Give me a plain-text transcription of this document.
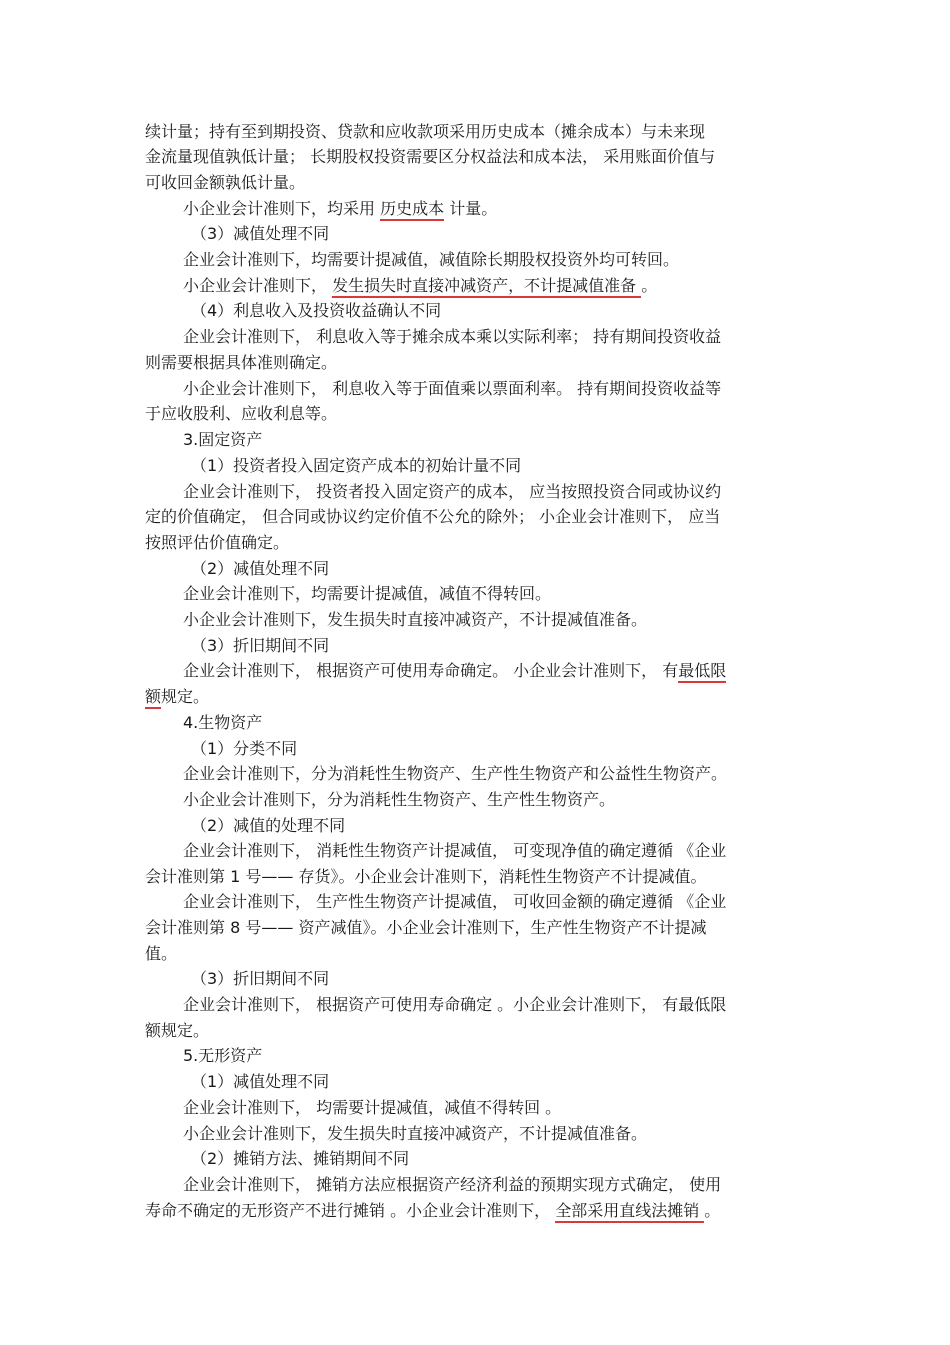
续计量；持有至到期投资、贷款和应收款项采用历史成本（摊余成本）与未来现
金流量现值孰低计量； 长期股权投资需要区分权益法和成本法， 采用账面价值与
可收回金额孰低计量。
小企业会计准则下，均采用 历史成本 计量。
（3）减值处理不同
企业会计准则下，均需要计提减值，减值除长期股权投资外均可转回。
小企业会计准则下， 发生损失时直接冲减资产，不计提减值准备 。
（4）利息收入及投资收益确认不同
企业会计准则下， 利息收入等于摊余成本乘以实际利率； 持有期间投资收益
则需要根据具体准则确定。
小企业会计准则下， 利息收入等于面值乘以票面利率。 持有期间投资收益等
于应收股利、应收利息等。
3.固定资产
（1）投资者投入固定资产成本的初始计量不同
企业会计准则下， 投资者投入固定资产的成本， 应当按照投资合同或协议约
定的价值确定， 但合同或协议约定价值不公允的除外； 小企业会计准则下， 应当
按照评估价值确定。
（2）减值处理不同
企业会计准则下，均需要计提减值，减值不得转回。
小企业会计准则下，发生损失时直接冲减资产，不计提减值准备。
（3）折旧期间不同
企业会计准则下， 根据资产可使用寿命确定。 小企业会计准则下， 有最低限
额规定。
4.生物资产
（1）分类不同
企业会计准则下，分为消耗性生物资产、生产性生物资产和公益性生物资产。
小企业会计准则下，分为消耗性生物资产、生产性生物资产。
（2）减值的处理不同
企业会计准则下， 消耗性生物资产计提减值， 可变现净值的确定遵循 《企业
会计准则第 1 号—— 存货》。小企业会计准则下，消耗性生物资产不计提减值。
企业会计准则下， 生产性生物资产计提减值， 可收回金额的确定遵循 《企业
会计准则第 8 号—— 资产减值》。小企业会计准则下，生产性生物资产不计提减
值。
（3）折旧期间不同
企业会计准则下， 根据资产可使用寿命确定 。小企业会计准则下， 有最低限
额规定。
5.无形资产
（1）减值处理不同
企业会计准则下， 均需要计提减值，减值不得转回 。
小企业会计准则下，发生损失时直接冲减资产，不计提减值准备。
（2）摊销方法、摊销期间不同
企业会计准则下， 摊销方法应根据资产经济利益的预期实现方式确定， 使用
寿命不确定的无形资产不进行摊销 。小企业会计准则下， 全部采用直线法摊销 。
